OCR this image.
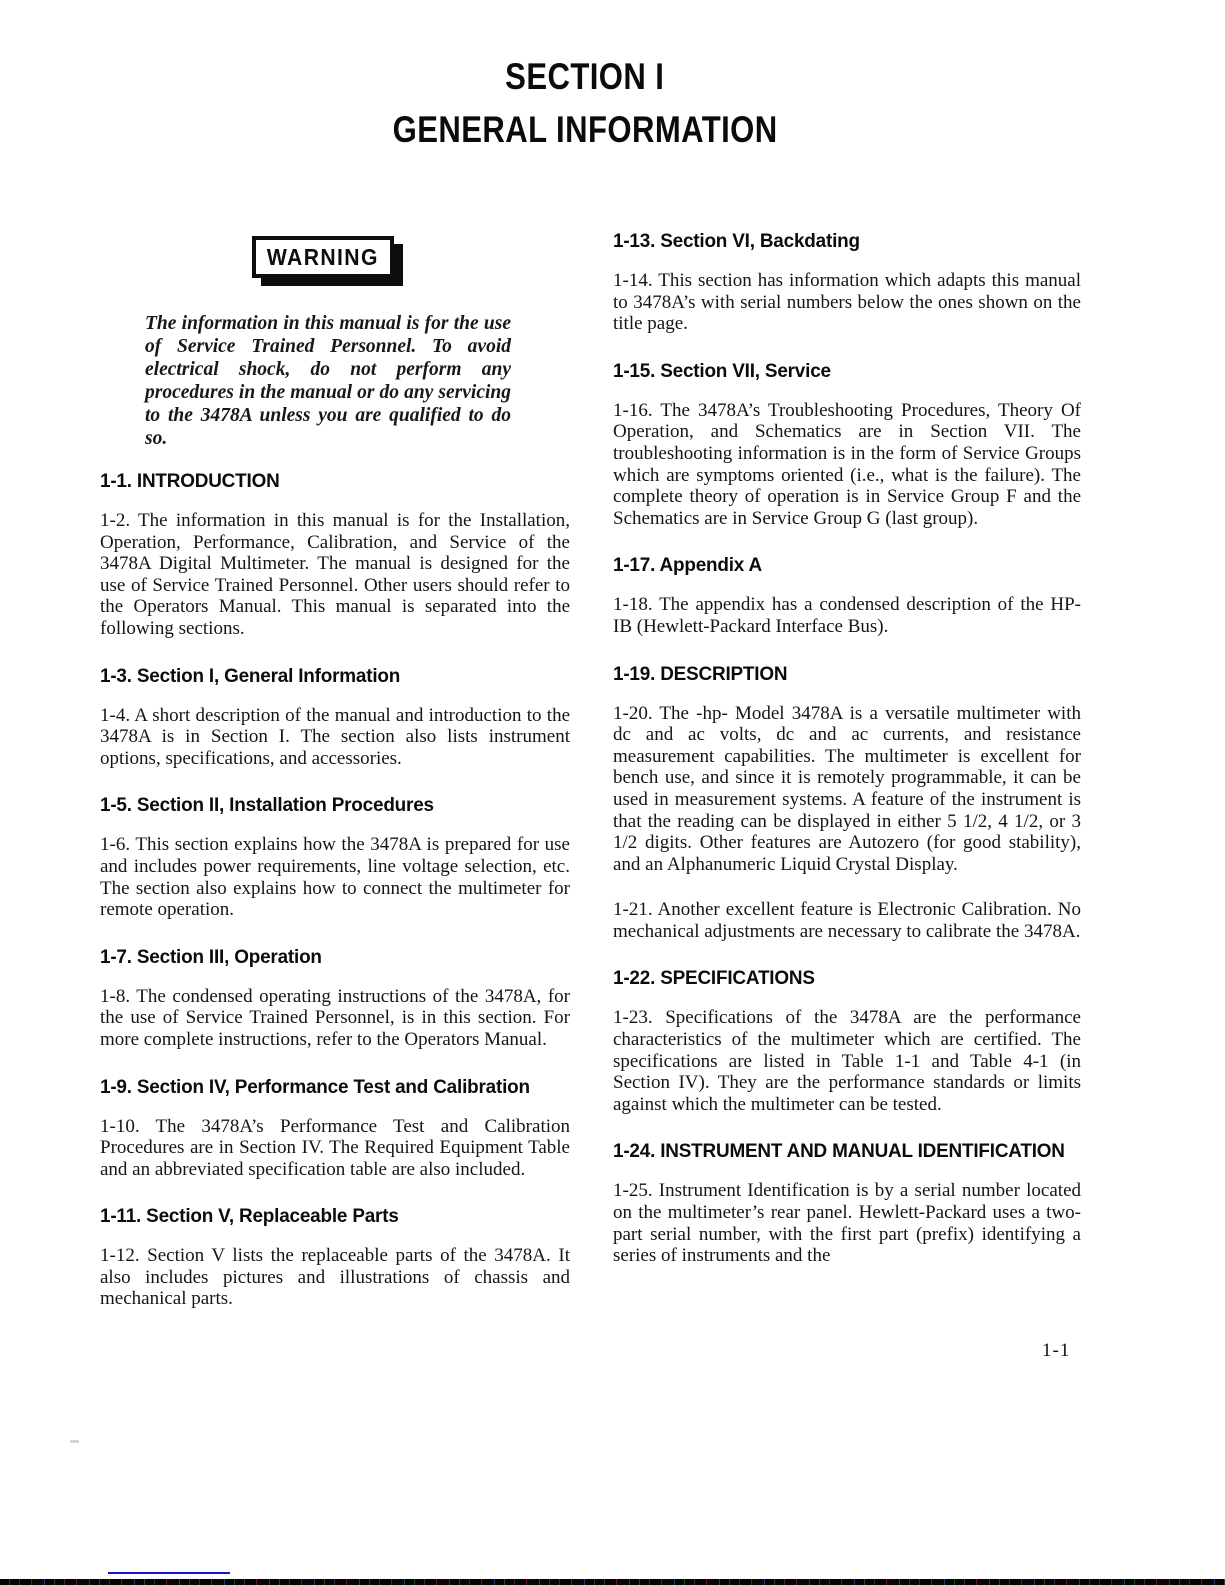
SECTION I
GENERAL INFORMATION
WARNING

The information in this manual is for the use of Service Trained Personnel. To avoid electrical shock, do not perform any procedures in the manual or do any servicing to the 3478A unless you are qualified to do so.

1-1. INTRODUCTION

1-2. The information in this manual is for the Installation, Operation, Performance, Calibration, and Service of the 3478A Digital Multimeter. The manual is designed for the use of Service Trained Personnel. Other users should refer to the Operators Manual. This manual is separated into the following sections.

1-3. Section I, General Information

1-4. A short description of the manual and introduction to the 3478A is in Section I. The section also lists instrument options, specifications, and accessories.

1-5. Section II, Installation Procedures

1-6. This section explains how the 3478A is prepared for use and includes power requirements, line voltage selection, etc. The section also explains how to connect the multimeter for remote operation.

1-7. Section III, Operation

1-8. The condensed operating instructions of the 3478A, for the use of Service Trained Personnel, is in this section. For more complete instructions, refer to the Operators Manual.

1-9. Section IV, Performance Test and Calibration

1-10. The 3478A’s Performance Test and Calibration Procedures are in Section IV. The Required Equipment Table and an abbreviated specification table are also included.

1-11. Section V, Replaceable Parts

1-12. Section V lists the replaceable parts of the 3478A. It also includes pictures and illustrations of chassis and mechanical parts.

1-13. Section VI, Backdating

1-14. This section has information which adapts this manual to 3478A’s with serial numbers below the ones shown on the title page.

1-15. Section VII, Service

1-16. The 3478A’s Troubleshooting Procedures, Theory Of Operation, and Schematics are in Section VII. The troubleshooting information is in the form of Service Groups which are symptoms oriented (i.e., what is the failure). The complete theory of operation is in Service Group F and the Schematics are in Service Group G (last group).

1-17. Appendix A

1-18. The appendix has a condensed description of the HP-IB (Hewlett-Packard Interface Bus).

1-19. DESCRIPTION

1-20. The -hp- Model 3478A is a versatile multimeter with dc and ac volts, dc and ac currents, and resistance measurement capabilities. The multimeter is excellent for bench use, and since it is remotely programmable, it can be used in measurement systems. A feature of the instrument is that the reading can be displayed in either 5 1/2, 4 1/2, or 3 1/2 digits. Other features are Autozero (for good stability), and an Alphanumeric Liquid Crystal Display.

1-21. Another excellent feature is Electronic Calibration. No mechanical adjustments are necessary to calibrate the 3478A.

1-22. SPECIFICATIONS

1-23. Specifications of the 3478A are the performance characteristics of the multimeter which are certified. The specifications are listed in Table 1-1 and Table 4-1 (in Section IV). They are the performance standards or limits against which the multimeter can be tested.

1-24. INSTRUMENT AND MANUAL IDENTIFICATION

1-25. Instrument Identification is by a serial number located on the multimeter’s rear panel. Hewlett-Packard uses a two-part serial number, with the first part (prefix) identifying a series of instruments and the

1-1
